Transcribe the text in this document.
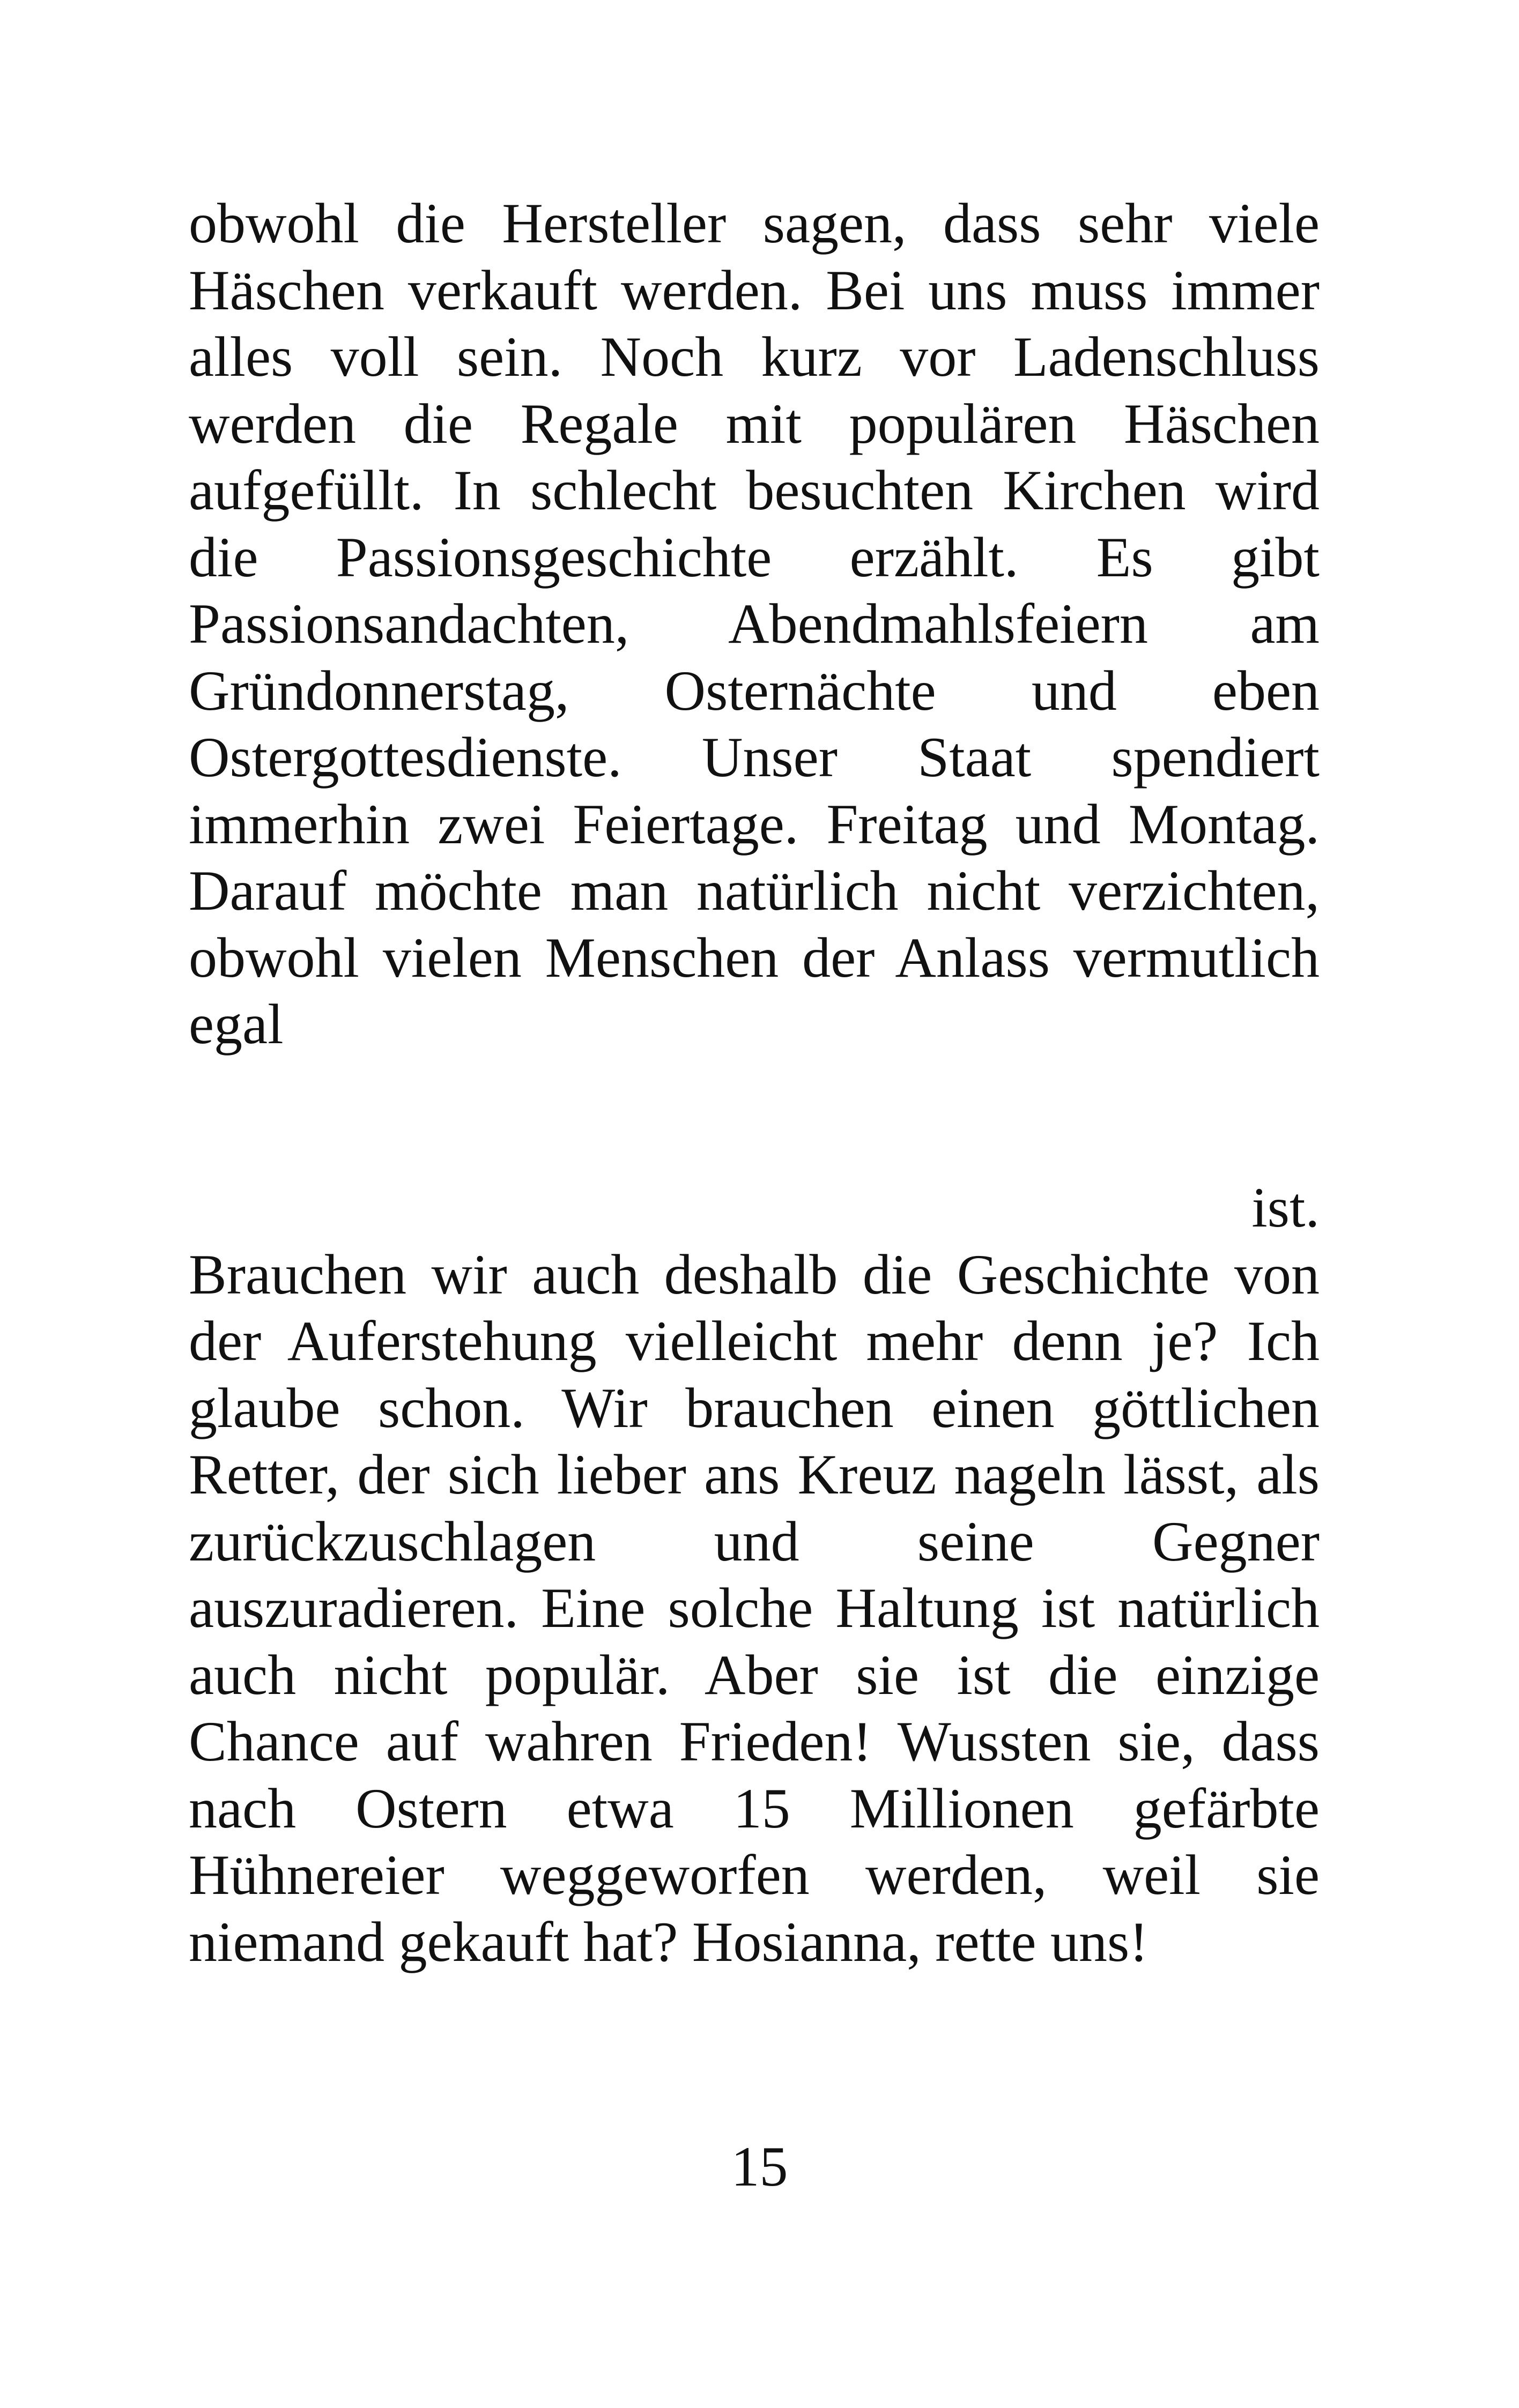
obwohl die Hersteller sagen, dass sehr viele
Häschen verkauft werden. Bei uns muss immer
alles voll sein. Noch kurz vor Ladenschluss
werden die Regale mit populären Häschen
aufgefüllt. In schlecht besuchten Kirchen wird
die Passionsgeschichte erzählt. Es gibt
Passionsandachten, Abendmahlsfeiern am
Gründonnerstag, Osternächte und eben
Ostergottesdienste. Unser Staat spendiert
immerhin zwei Feiertage. Freitag und Montag.
Darauf möchte man natürlich nicht verzichten,
obwohl vielen Menschen der Anlass vermutlich
egal
ist.
Brauchen wir auch deshalb die Geschichte von
der Auferstehung vielleicht mehr denn je? Ich
glaube schon. Wir brauchen einen göttlichen
Retter, der sich lieber ans Kreuz nageln lässt, als
zurückzuschlagen und seine Gegner
auszuradieren. Eine solche Haltung ist natürlich
auch nicht populär. Aber sie ist die einzige
Chance auf wahren Frieden! Wussten sie, dass
nach Ostern etwa 15 Millionen gefärbte
Hühnereier weggeworfen werden, weil sie
niemand gekauft hat? Hosianna, rette uns!
15
